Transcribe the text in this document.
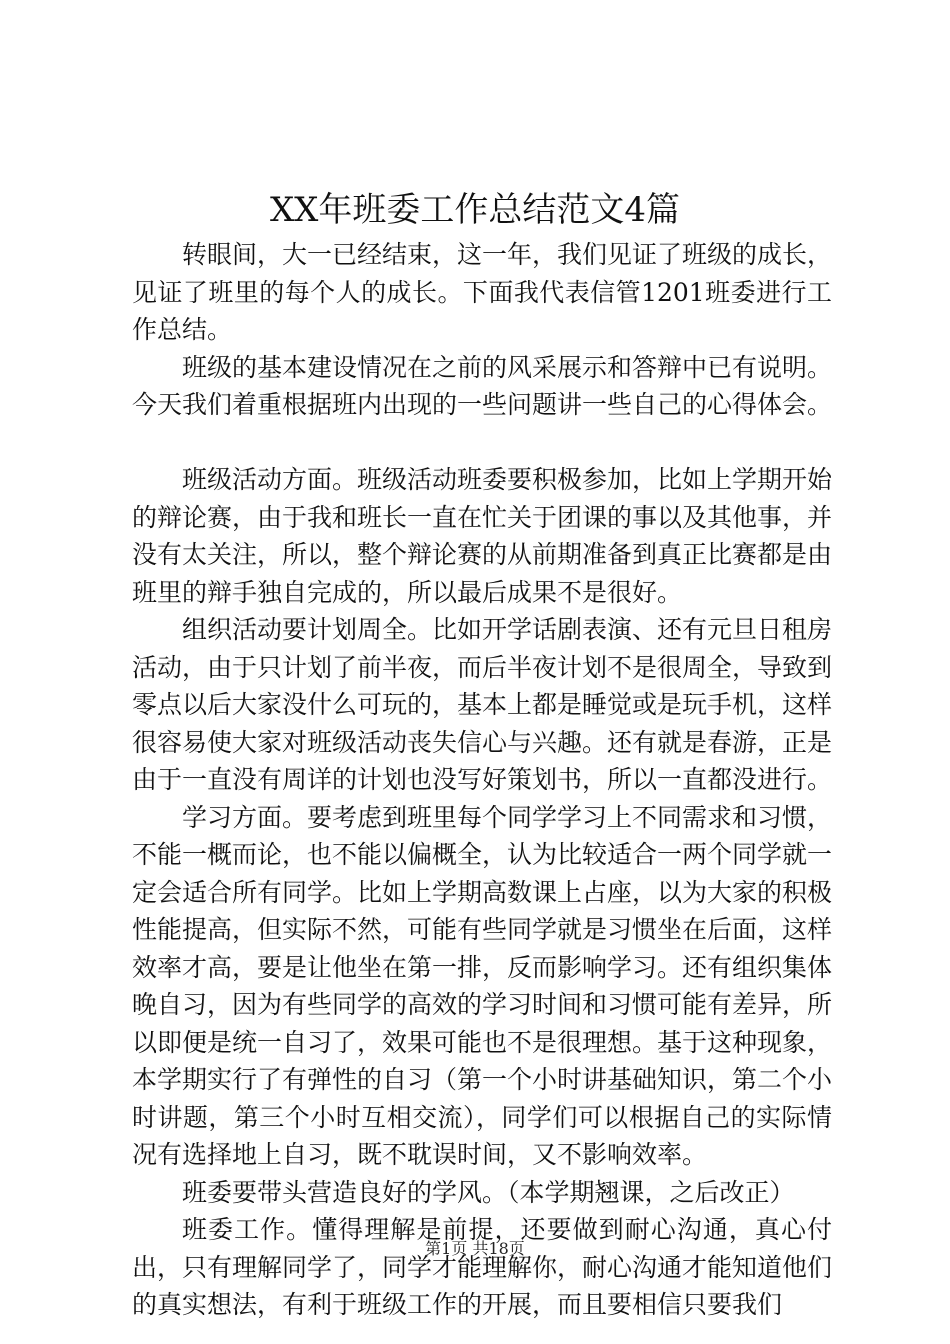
XX年班委工作总结范文4篇

转眼间，大一已经结束，这一年，我们见证了班级的成长，见证了班里的每个人的成长。下面我代表信管1201班委进行工作总结。

班级的基本建设情况在之前的风采展示和答辩中已有说明。今天我们着重根据班内出现的一些问题讲一些自己的心得体会。

班级活动方面。班级活动班委要积极参加，比如上学期开始的辩论赛，由于我和班长一直在忙关于团课的事以及其他事，并没有太关注，所以，整个辩论赛的从前期准备到真正比赛都是由班里的辩手独自完成的，所以最后成果不是很好。

组织活动要计划周全。比如开学话剧表演、还有元旦日租房活动，由于只计划了前半夜，而后半夜计划不是很周全，导致到零点以后大家没什么可玩的，基本上都是睡觉或是玩手机，这样很容易使大家对班级活动丧失信心与兴趣。还有就是春游，正是由于一直没有周详的计划也没写好策划书，所以一直都没进行。

学习方面。要考虑到班里每个同学学习上不同需求和习惯，不能一概而论，也不能以偏概全，认为比较适合一两个同学就一定会适合所有同学。比如上学期高数课上占座，以为大家的积极性能提高，但实际不然，可能有些同学就是习惯坐在后面，这样效率才高，要是让他坐在第一排，反而影响学习。还有组织集体晚自习，因为有些同学的高效的学习时间和习惯可能有差异，所以即便是统一自习了，效果可能也不是很理想。基于这种现象，本学期实行了有弹性的自习（第一个小时讲基础知识，第二个小时讲题，第三个小时互相交流），同学们可以根据自己的实际情况有选择地上自习，既不耽误时间，又不影响效率。

班委要带头营造良好的学风。（本学期翘课，之后改正）

班委工作。懂得理解是前提，还要做到耐心沟通，真心付出，只有理解同学了，同学才能理解你，耐心沟通才能知道他们的真实想法，有利于班级工作的开展，而且要相信只要我们

第1页 共18页
